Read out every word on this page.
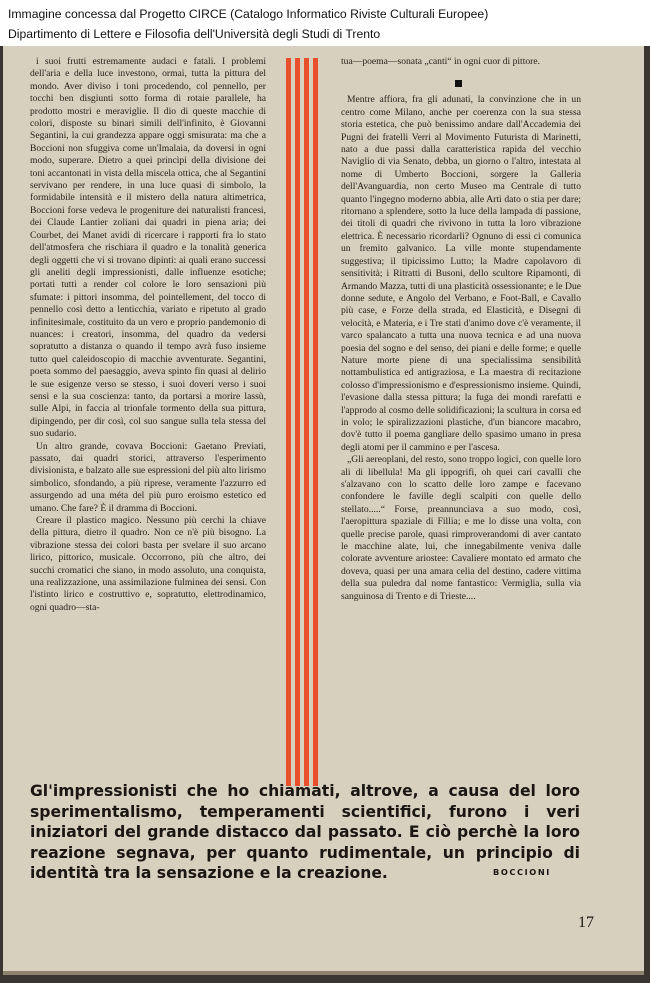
Immagine concessa dal Progetto CIRCE (Catalogo Informatico Riviste Culturali Europee)
Dipartimento di Lettere e Filosofia dell'Università degli Studi di Trento

i suoi frutti estremamente audaci e fatali. I problemi dell'aria e della luce investono, ormai, tutta la pittura del mondo. Aver diviso i toni procedendo, col pennello, per tocchi ben disgiunti sotto forma di rotaie parallele, ha prodotto mostri e meraviglie. Il dio di queste macchie di colori, disposte su binari simili dell'infinito, è Giovanni Segantini, la cui grandezza appare oggi smisurata: ma che a Boccioni non sfuggiva come un'Imalaia, da doversi in ogni modo, superare. Dietro a quei princìpi della divisione dei toni accantonati in vista della miscela ottica, che al Segantini servivano per rendere, in una luce quasi di simbolo, la formidabile intensità e il mistero della natura altimetrica, Boccioni forse vedeva le progeniture dei naturalisti francesi, dei Claude Lantier zoliani dai quadri in piena aria; dei Courbet, dei Manet avidi di ricercare i rapporti fra lo stato dell'atmosfera che rischiara il quadro e la tonalità generica degli oggetti che vi si trovano dipinti: ai quali erano successi gli aneliti degli impressionisti, dalle influenze esotiche; portati tutti a render col colore le loro sensazioni più sfumate: i pittori insomma, del pointellement, del tocco di pennello così detto a lenticchia, variato e ripetuto al grado infinitesimale, costituito da un vero e proprio pandemonio di nuances: i creatori, insomma, del quadro da vedersi sopratutto a distanza o quando il tempo avrà fuso insieme tutto quel caleidoscopio di macchie avventurate. Segantini, poeta sommo del paesaggio, aveva spinto fin quasi al delirio le sue esigenze verso se stesso, i suoi doveri verso i suoi sensi e la sua coscienza: tanto, da portarsi a morire lassù, sulle Alpi, in faccia al trionfale tormento della sua pittura, dipingendo, per dir così, col suo sangue sulla tela stessa del suo sudario.

Un altro grande, covava Boccioni: Gaetano Previati, passato, dai quadri storici, attraverso l'esperimento divisionista, e balzato alle sue espressioni del più alto lirismo simbolico, sfondando, a più riprese, veramente l'azzurro ed assurgendo ad una méta del più puro eroismo estetico ed umano. Che fare? È il dramma di Boccioni.

Creare il plastico magico. Nessuno più cerchi la chiave della pittura, dietro il quadro. Non ce n'è più bisogno. La vibrazione stessa dei colori basta per svelare il suo arcano lirico, pittorico, musicale. Occorrono, più che altro, dei succhi cromatici che siano, in modo assoluto, una conquista, una realizzazione, una assimilazione fulminea dei sensi. Con l'istinto lirico e costruttivo e, sopratutto, elettrodinamico, ogni quadro—sta-

tua—poema—sonata „canti“ in ogni cuor di pittore.

Mentre affiora, fra gli adunati, la convinzione che in un centro come Milano, anche per coerenza con la sua stessa storia estetica, che può benissimo andare dall'Accademia dei Pugni dei fratelli Verri al Movimento Futurista di Marinetti, nato a due passi dalla caratteristica rapida del vecchio Naviglio di via Senato, debba, un giorno o l'altro, intestata al nome di Umberto Boccioni, sorgere la Galleria dell'Avanguardia, non certo Museo ma Centrale di tutto quanto l'ingegno moderno abbia, alle Arti dato o stia per dare; ritornano a splendere, sotto la luce della lampada di passione, dei titoli di quadri che rivivono in tutta la loro vibrazione elettrica. È necessario ricordarli? Ognuno di essi ci comunica un fremito galvanico. La ville monte stupendamente suggestiva; il tipicissimo Lutto; la Madre capolavoro di sensitività; i Ritratti di Busoni, dello scultore Ripamonti, di Armando Mazza, tutti di una plasticità ossessionante; e le Due donne sedute, e Angolo del Verbano, e Foot-Ball, e Cavallo più case, e Forze della strada, ed Elasticità, e Disegni di velocità, e Materia, e i Tre stati d'animo dove c'è veramente, il varco spalancato a tutta una nuova tecnica e ad una nuova poesia del sogno e del senso, dei piani e delle forme; e quelle Nature morte piene di una specialissima sensibilità nottambulistica ed antigraziosa, e La maestra di recitazione colosso d'impressionismo e d'espressionismo insieme. Quindi, l'evasione dalla stessa pittura; la fuga dei mondi rarefatti e l'approdo al cosmo delle solidificazioni; la scultura in corsa ed in volo; le spiralizzazioni plastiche, d'un biancore macabro, dov'è tutto il poema gangliare dello spasimo umano in presa degli atomi per il cammino e per l'ascesa.

„Gli aereoplani, del resto, sono troppo logici, con quelle loro ali di libellula! Ma gli ippogrifi, oh quei cari cavalli che s'alzavano con lo scatto delle loro zampe e facevano confondere le faville degli scalpiti con quelle dello stellato.....“ Forse, preannunciava a suo modo, così, l'aeropittura spaziale di Fillia; e me lo disse una volta, con quelle precise parole, quasi rimproverandomi di aver cantato le macchine alate, lui, che innegabilmente veniva dalle colorate avventure ariostee: Cavaliere montato ed armato che doveva, quasi per una amara celia del destino, cadere vittima della sua puledra dal nome fantastico: Vermiglia, sulla via sanguinosa di Trento e di Trieste....

Gl'impressionisti che ho chiamati, altrove, a causa del loro sperimentalismo, temperamenti scientifici, furono i veri iniziatori del grande distacco dal passato. E ciò perchè la loro reazione segnava, per quanto rudimentale, un principio di identità tra la sensazione e la creazione.	BOCCIONI
17
